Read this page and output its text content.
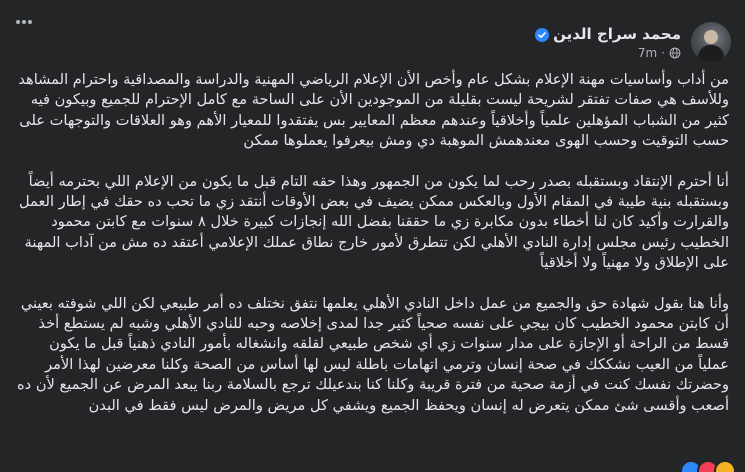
محمد سراج الدين
7m ·

من أداب وأساسيات مهنة الإعلام بشكل عام وأخص الأن الإعلام الرياضي المهنية والدراسة والمصداقية واحترام المشاهد وللأسف هي صفات تفتقر لشريحة ليست بقليلة من الموجودين الأن على الساحة مع كامل الإحترام للجميع وبيكون فيه كثير من الشباب المؤهلين علمياً وأخلاقياً وعندهم معظم المعايير بس يفتقدوا للمعيار الأهم وهو العلاقات والتوجهات على حسب التوقيت وحسب الهوى معندهمش الموهبة دي ومش بيعرفوا يعملوها ممكن

أنا أحترم الإنتقاد وبستقبله بصدر رحب لما يكون من الجمهور وهذا حقه التام قبل ما يكون من الإعلام اللي بحترمه أيضاً وبستقبله بنية طيبة في المقام الأول وبالعكس ممكن يضيف في بعض الأوقات أنتقد زي ما تحب ده حقك في إطار العمل والقرارت وأكيد كان لنا أخطاء بدون مكابرة زي ما حققنا بفضل الله إنجازات كبيرة خلال ٨ سنوات مع كابتن محمود الخطيب رئيس مجلس إدارة النادي الأهلي لكن تتطرق لأمور خارج نطاق عملك الإعلامي أعتقد ده مش من آداب المهنة على الإطلاق ولا مهنياً ولا أخلاقياً

وأنا هنا بقول شهادة حق والجميع من عمل داخل النادي الأهلي يعلمها نتفق نختلف ده أمر طبيعي لكن اللي شوفته بعيني أن كابتن محمود الخطيب كان بيجي على نفسه صحياً كثير جدا لمدى إخلاصه وحبه للنادي الأهلي وشبه لم يستطع أخذ قسط من الراحة أو الإجازة على مدار سنوات زي أي شخص طبيعي لقلقه وانشغاله بأمور النادي ذهنياً قبل ما يكون عملياً من العيب نشككك في صحة إنسان وترمي اتهامات باطلة ليس لها أساس من الصحة وكلنا معرضين لهذا الأمر وحضرتك نفسك كنت في أزمة صحية من فترة قريبة وكلنا كنا بندعيلك ترجع بالسلامة ربنا يبعد المرض عن الجميع لأن ده أصعب وأقسى شئ ممكن يتعرض له إنسان ويحفظ الجميع ويشفي كل مريض والمرض ليس فقط في البدن
